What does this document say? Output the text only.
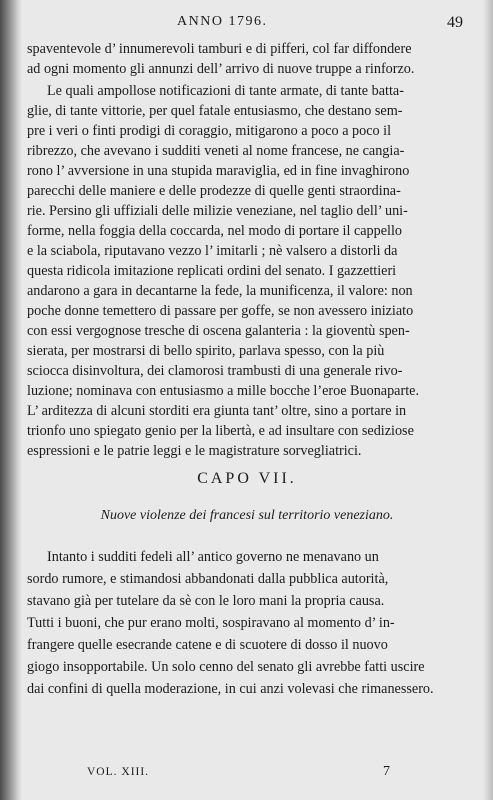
ANNO 1796.	49
spaventevole d’ innumerevoli tamburi e di pifferi, col far diffondere
ad ogni momento gli annunzi dell’ arrivo di nuove truppe a rinforzo.
Le quali ampollose notificazioni di tante armate, di tante batta-
glie, di tante vittorie, per quel fatale entusiasmo, che destano sem-
pre i veri o finti prodigi di coraggio, mitigarono a poco a poco il
ribrezzo, che avevano i sudditi veneti al nome francese, ne cangia-
rono l’ avversione in una stupida maraviglia, ed in fine invaghirono
parecchi delle maniere e delle prodezze di quelle genti straordina-
rie. Persino gli uffiziali delle milizie veneziane, nel taglio dell’ uni-
forme, nella foggia della coccarda, nel modo di portare il cappello
e la sciabola, riputavano vezzo l’ imitarli ; nè valsero a distorli da
questa ridicola imitazione replicati ordini del senato. I gazzettieri
andarono a gara in decantarne la fede, la munificenza, il valore: non
poche donne temettero di passare per goffe, se non avessero iniziato
con essi vergognose tresche di oscena galanteria : la gioventù spen-
sierata, per mostrarsi di bello spirito, parlava spesso, con la più
sciocca disinvoltura, dei clamorosi trambusti di una generale rivo-
luzione; nominava con entusiasmo a mille bocche l’eroe Buonaparte.
L’ arditezza di alcuni storditi era giunta tant’ oltre, sino a portare in
trionfo uno spiegato genio per la libertà, e ad insultare con sediziose
espressioni e le patrie leggi e le magistrature sorvegliatrici.
CAPO VII.
Nuove violenze dei francesi sul territorio veneziano.
Intanto i sudditi fedeli all’ antico governo ne menavano un
sordo rumore, e stimandosi abbandonati dalla pubblica autorità,
stavano già per tutelare da sè con le loro mani la propria causa.
Tutti i buoni, che pur erano molti, sospiravano al momento d’ in-
frangere quelle esecrande catene e di scuotere di dosso il nuovo
giogo insopportabile. Un solo cenno del senato gli avrebbe fatti uscire
dai confini di quella moderazione, in cui anzi volevasi che rimanessero.
VOL. XIII.	7
